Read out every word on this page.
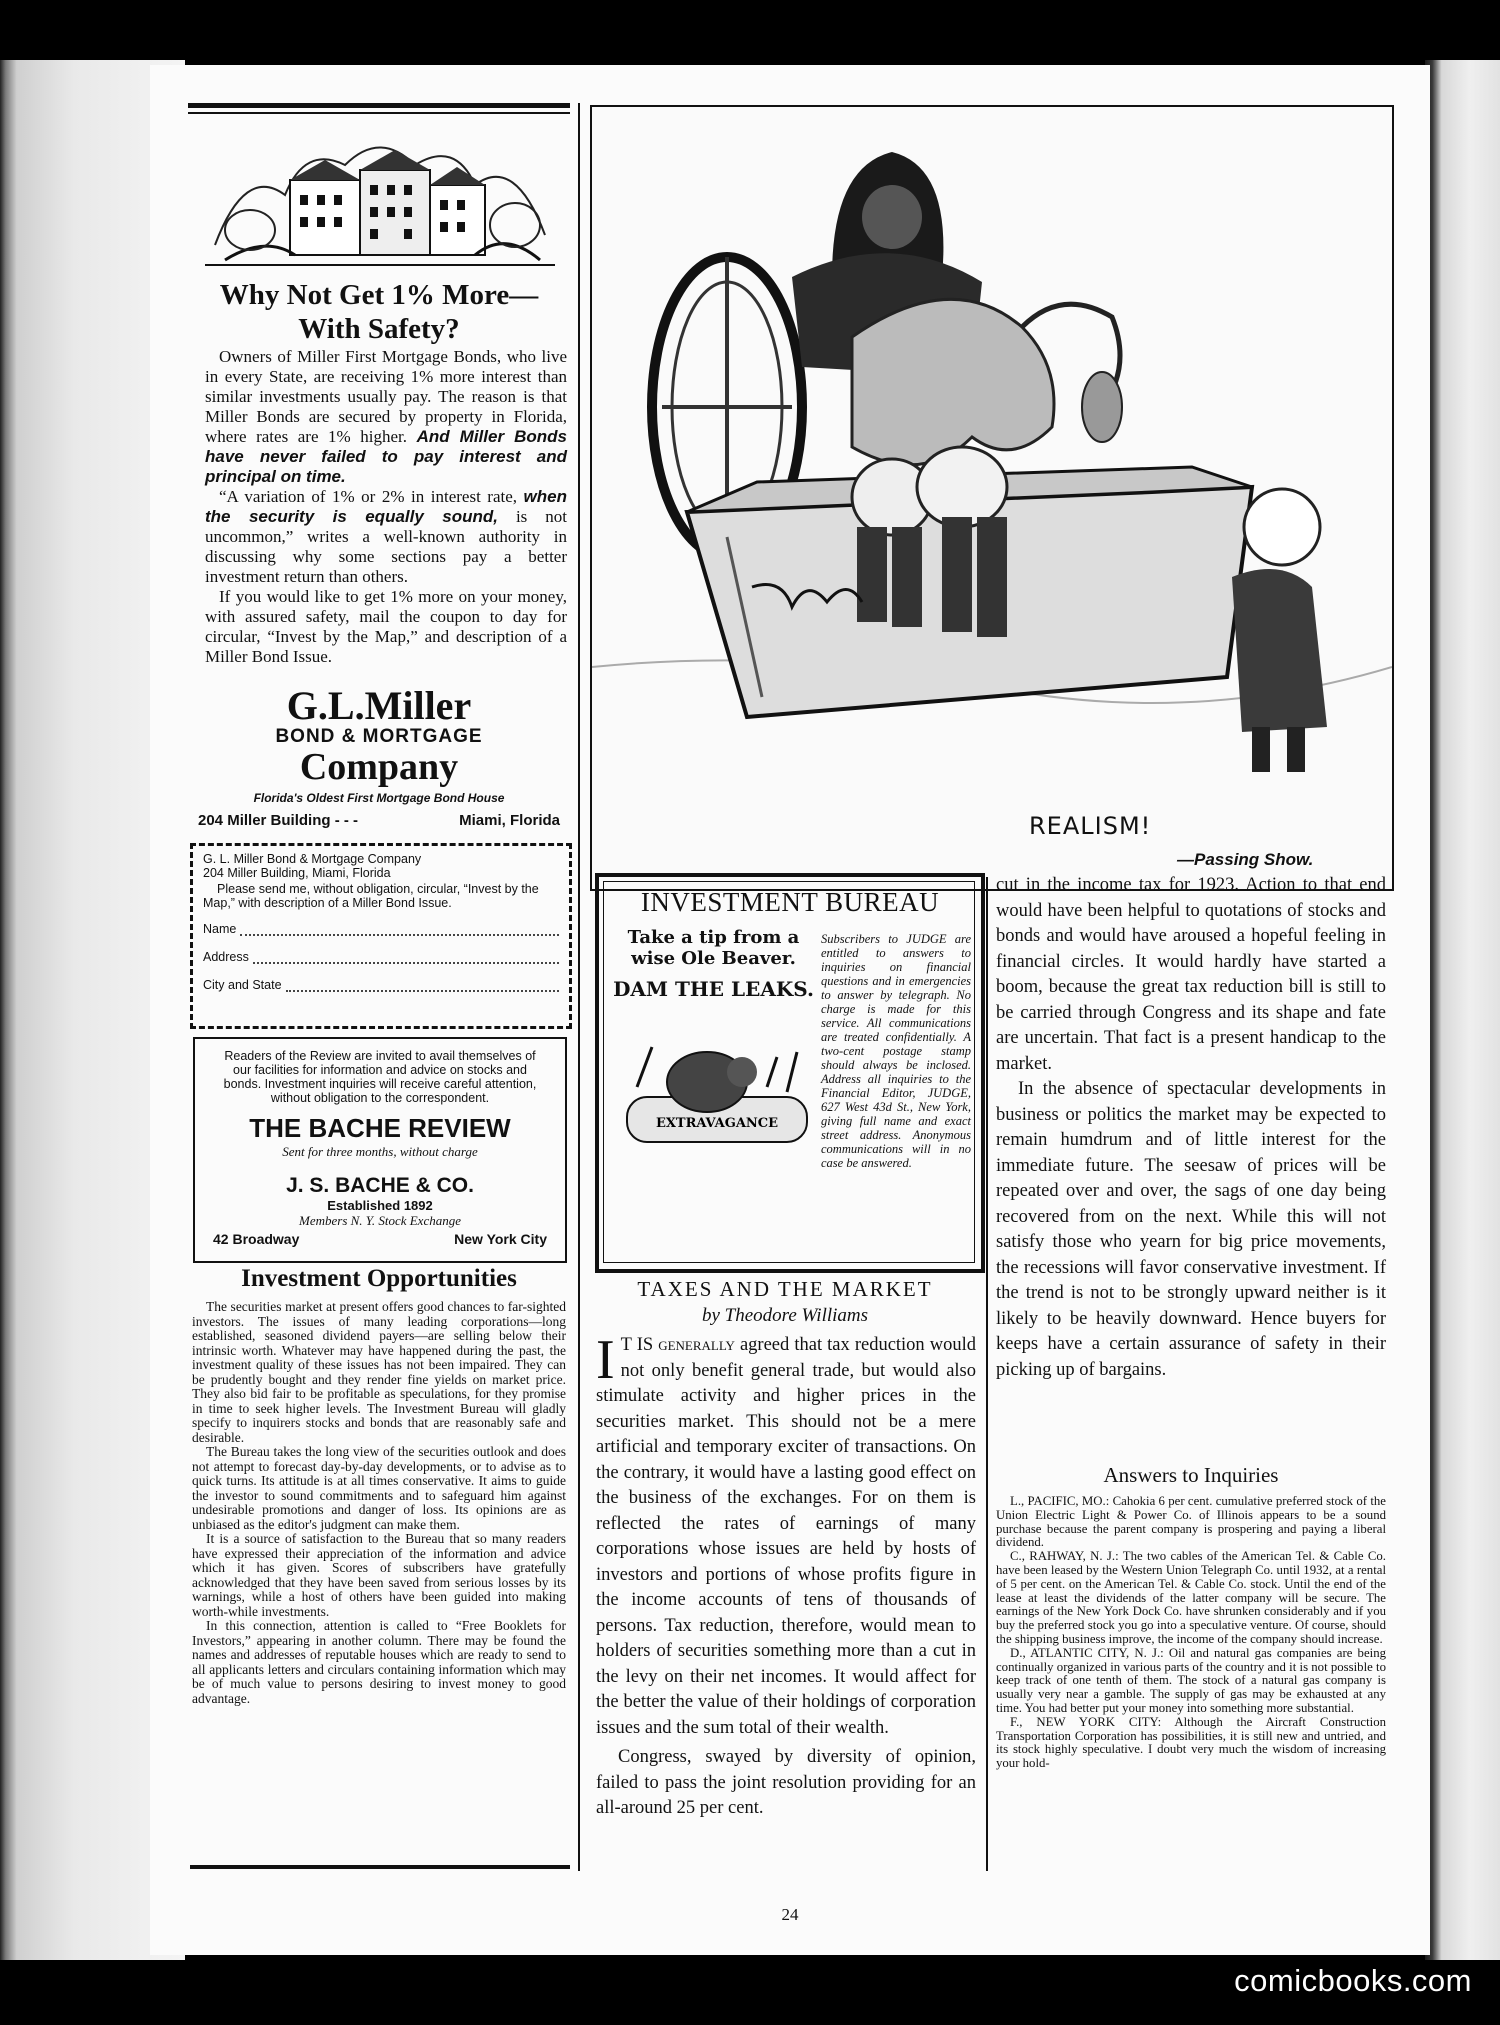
Why Not Get 1% More—
With Safety?

Owners of Miller First Mortgage Bonds, who live in every State, are receiving 1% more interest than similar investments usually pay. The reason is that Miller Bonds are secured by property in Florida, where rates are 1% higher. And Miller Bonds have never failed to pay interest and principal on time.

“A variation of 1% or 2% in interest rate, when the security is equally sound, is not uncommon,” writes a well-known authority in discussing why some sections pay a better investment return than others.

If you would like to get 1% more on your money, with assured safety, mail the coupon to day for circular, “Invest by the Map,” and description of a Miller Bond Issue.

G.L.Miller
BOND & MORTGAGE
Company
Florida's Oldest First Mortgage Bond House
204 Miller Building - - -	Miami, Florida
G. L. Miller Bond & Mortgage Company
204 Miller Building, Miami, Florida
Please send me, without obligation, circular, “Invest by the Map,” with description of a Miller Bond Issue.
Name
Address
City and State
Readers of the Review are invited to avail themselves of our facilities for information and advice on stocks and bonds. Investment inquiries will receive careful attention, without obligation to the correspondent.
THE BACHE REVIEW
Sent for three months, without charge
J. S. BACHE & CO.
Established 1892
Members N. Y. Stock Exchange
42 Broadway	New York City
Investment Opportunities

The securities market at present offers good chances to far-sighted investors. The issues of many leading corporations—long established, seasoned dividend payers—are selling below their intrinsic worth. Whatever may have happened during the past, the investment quality of these issues has not been impaired. They can be prudently bought and they render fine yields on market price. They also bid fair to be profitable as speculations, for they promise in time to seek higher levels. The Investment Bureau will gladly specify to inquirers stocks and bonds that are reasonably safe and desirable.

The Bureau takes the long view of the securities outlook and does not attempt to forecast day-by-day developments, or to advise as to quick turns. Its attitude is at all times conservative. It aims to guide the investor to sound commitments and to safeguard him against undesirable promotions and danger of loss. Its opinions are as unbiased as the editor's judgment can make them.

It is a source of satisfaction to the Bureau that so many readers have expressed their appreciation of the information and advice which it has given. Scores of subscribers have gratefully acknowledged that they have been saved from serious losses by its warnings, while a host of others have been guided into making worth-while investments.

In this connection, attention is called to “Free Booklets for Investors,” appearing in another column. There may be found the names and addresses of reputable houses which are ready to send to all applicants letters and circulars containing information which may be of much value to persons desiring to invest money to good advantage.

REALISM!
—Passing Show.
INVESTMENT BUREAU
Take a tip from a
wise Ole Beaver.
DAM THE LEAKS.
EXTRAVAGANCE
Subscribers to JUDGE are entitled to answers to inquiries on financial questions and in emergencies to answer by telegraph. No charge is made for this service. All communications are treated confidentially. A two-cent postage stamp should always be inclosed. Address all inquiries to the Financial Editor, JUDGE, 627 West 43d St., New York, giving full name and exact street address. Anonymous communications will in no case be answered.
TAXES AND THE MARKET
by Theodore Williams

I T IS generally agreed that tax reduction would not only benefit general trade, but would also stimulate activity and higher prices in the securities market. This should not be a mere artificial and temporary exciter of transactions. On the contrary, it would have a lasting good effect on the business of the exchanges. For on them is reflected the rates of earnings of many corporations whose issues are held by hosts of investors and portions of whose profits figure in the income accounts of tens of thousands of persons. Tax reduction, therefore, would mean to holders of securities something more than a cut in the levy on their net incomes. It would affect for the better the value of their holdings of corporation issues and the sum total of their wealth.

Congress, swayed by diversity of opinion, failed to pass the joint resolution providing for an all-around 25 per cent.

cut in the income tax for 1923. Action to that end would have been helpful to quotations of stocks and bonds and would have aroused a hopeful feeling in financial circles. It would hardly have started a boom, because the great tax reduction bill is still to be carried through Congress and its shape and fate are uncertain. That fact is a present handicap to the market.

In the absence of spectacular developments in business or politics the market may be expected to remain humdrum and of little interest for the immediate future. The seesaw of prices will be repeated over and over, the sags of one day being recovered from on the next. While this will not satisfy those who yearn for big price movements, the recessions will favor conservative investment. If the trend is not to be strongly upward neither is it likely to be heavily downward. Hence buyers for keeps have a certain assurance of safety in their picking up of bargains.

Answers to Inquiries

L., PACIFIC, MO.: Cahokia 6 per cent. cumulative preferred stock of the Union Electric Light & Power Co. of Illinois appears to be a sound purchase because the parent company is prospering and paying a liberal dividend.

C., RAHWAY, N. J.: The two cables of the American Tel. & Cable Co. have been leased by the Western Union Telegraph Co. until 1932, at a rental of 5 per cent. on the American Tel. & Cable Co. stock. Until the end of the lease at least the dividends of the latter company will be secure. The earnings of the New York Dock Co. have shrunken considerably and if you buy the preferred stock you go into a speculative venture. Of course, should the shipping business improve, the income of the company should increase.

D., ATLANTIC CITY, N. J.: Oil and natural gas companies are being continually organized in various parts of the country and it is not possible to keep track of one tenth of them. The stock of a natural gas company is usually very near a gamble. The supply of gas may be exhausted at any time. You had better put your money into something more substantial.

F., NEW YORK CITY: Although the Aircraft Construction Transportation Corporation has possibilities, it is still new and untried, and its stock highly speculative. I doubt very much the wisdom of increasing your hold-

24
comicbooks.com
